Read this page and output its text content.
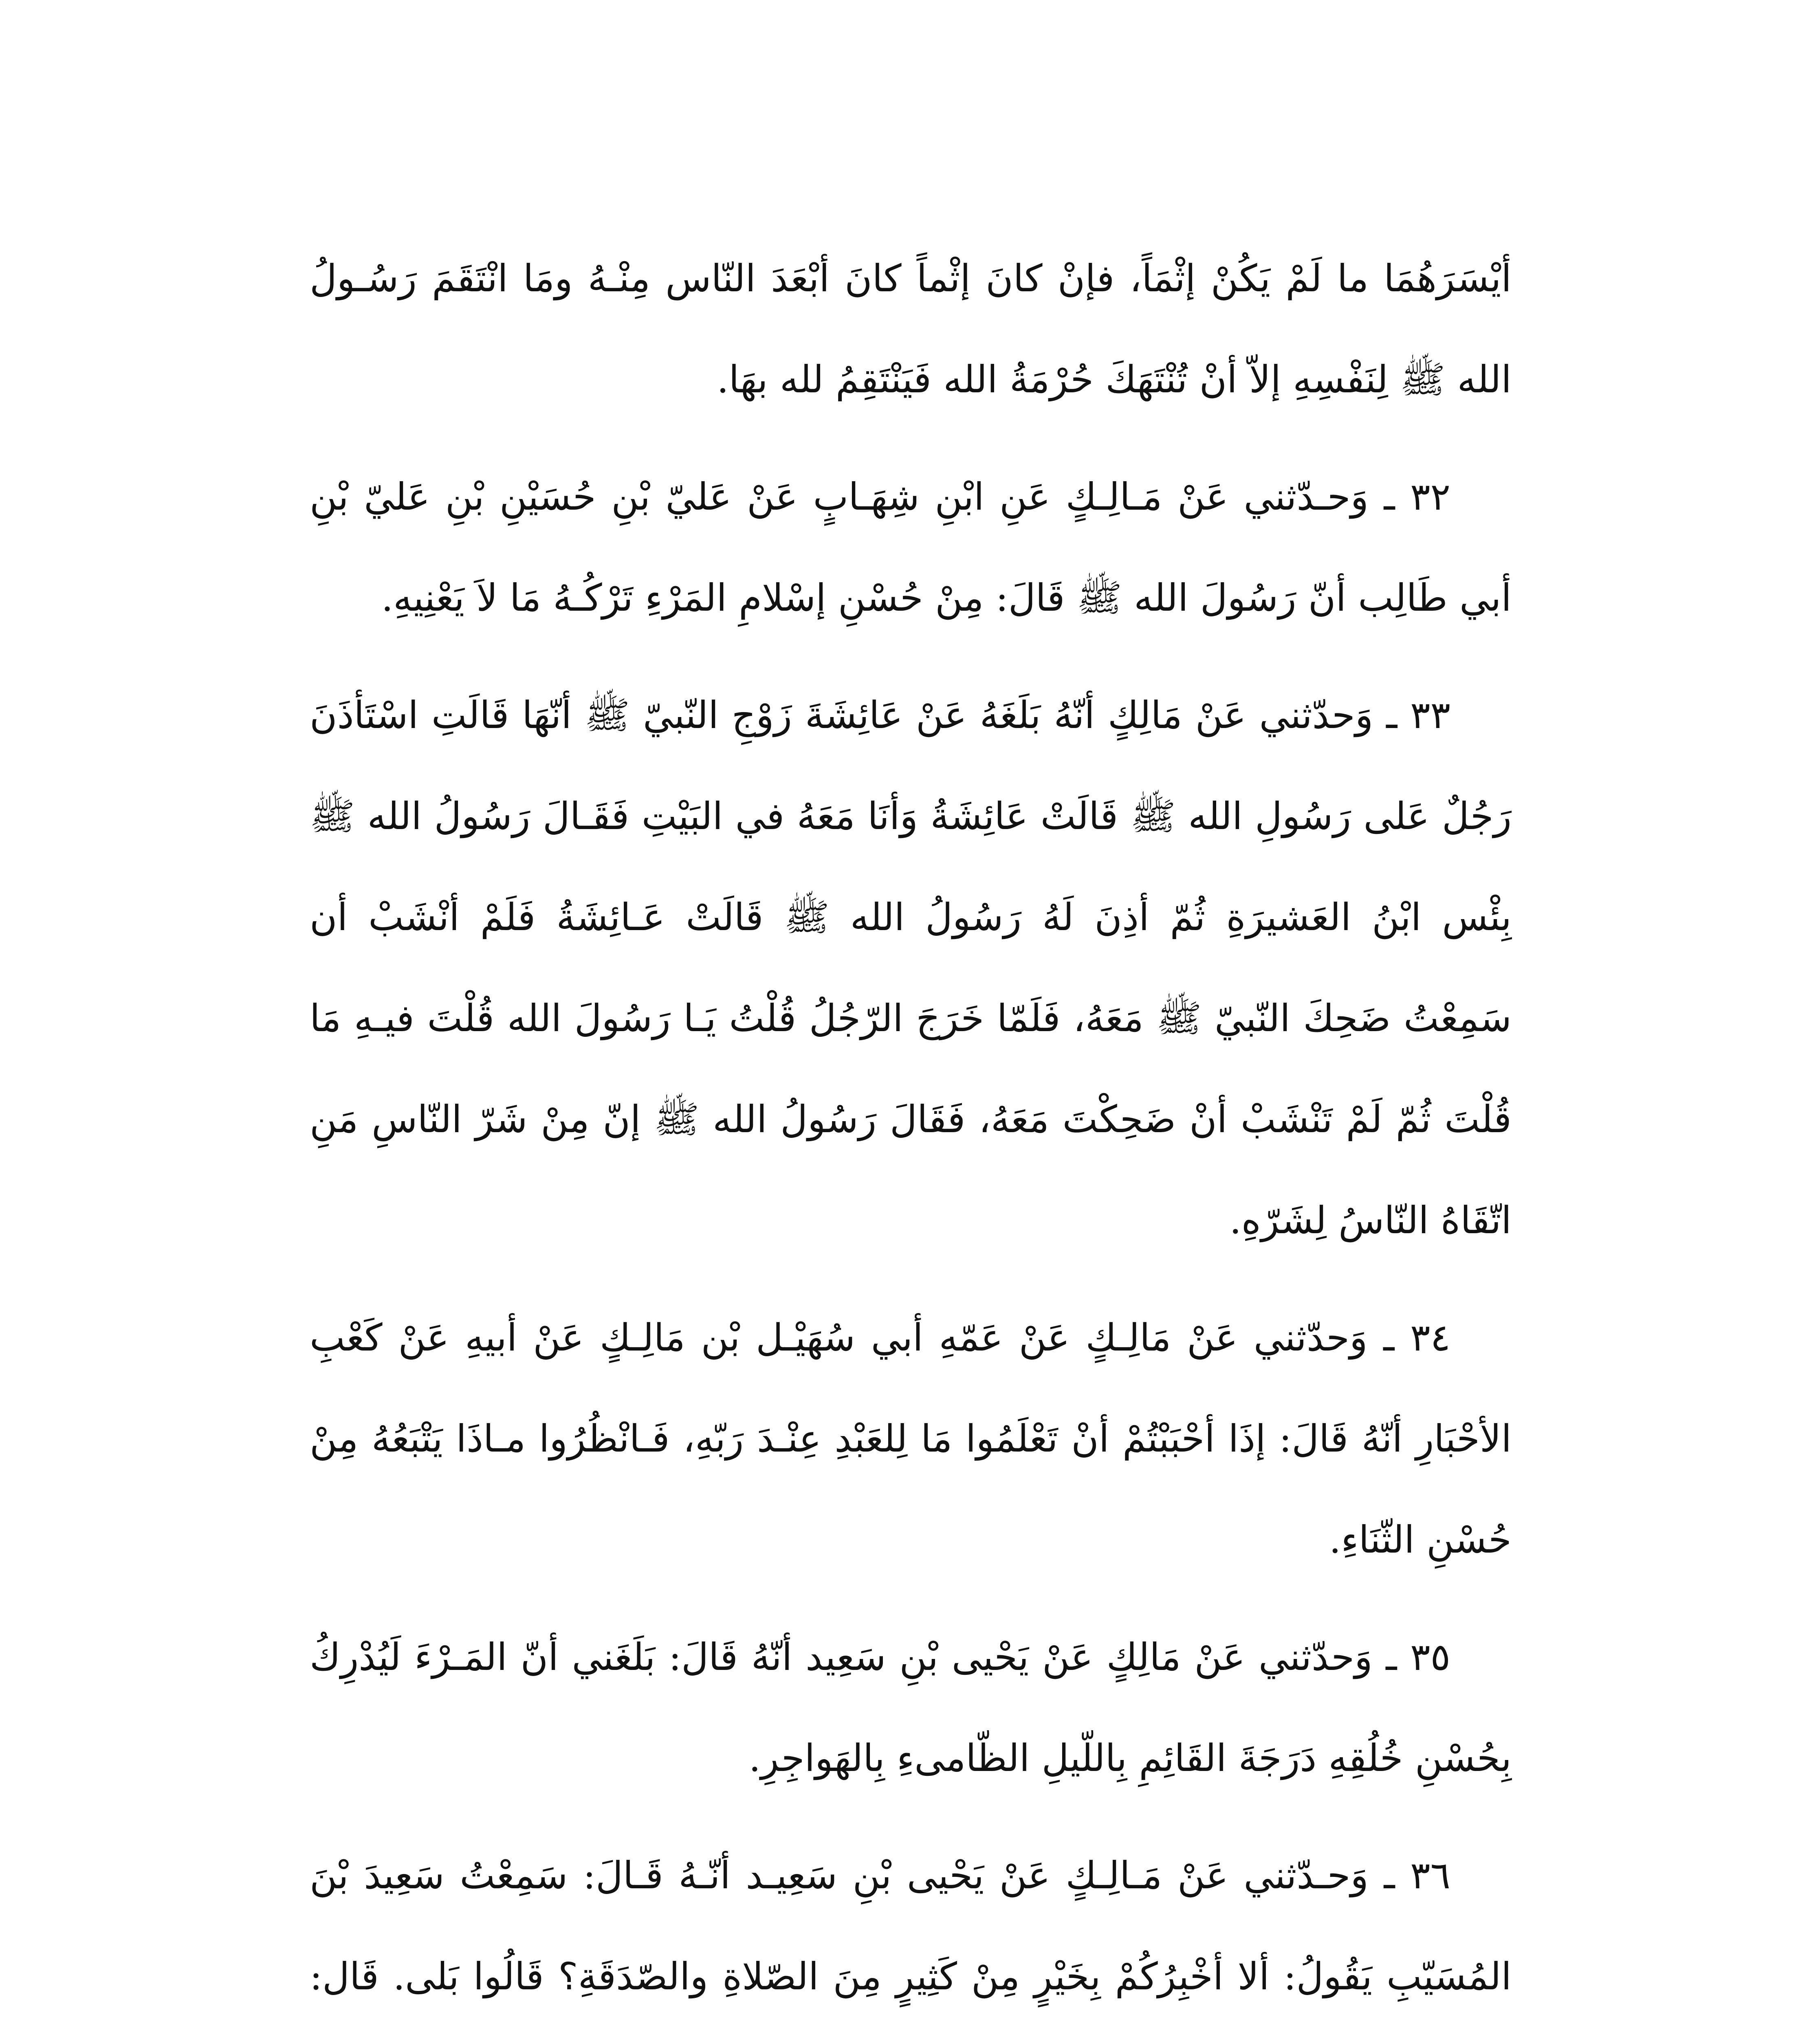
أيْسَرَهُمَا ما لَمْ يَكُنْ إثْمَاً، فإنْ كانَ إثْماً كانَ أبْعَدَ النّاس مِنْـهُ ومَا انْتَقَمَ رَسُـولُ الله ﷺ لِنَفْسِهِ إلاّ أنْ تُنْتَهَكَ حُرْمَةُ الله فَيَنْتَقِمُ لله بهَا.

٣٢ ـ وَحـدّثني عَنْ مَـالِـكٍ عَنِ ابْنِ شِهَـابٍ عَنْ عَليّ بْنِ حُسَيْنِ بْنِ عَليّ بْنِ أبي طَالِب أنّ رَسُولَ الله ﷺ قَالَ: مِنْ حُسْنِ إسْلامِ المَرْءِ تَرْكُـهُ مَا لاَ يَعْنِيهِ.

٣٣ ـ وَحدّثني عَنْ مَالِكٍ أنّهُ بَلَغَهُ عَنْ عَائِشَةَ زَوْجِ النّبيّ ﷺ أنّهَا قَالَتِ اسْتَأذَنَ رَجُلٌ عَلى رَسُولِ الله ﷺ قَالَتْ عَائِشَةُ وَأنَا مَعَهُ في البَيْتِ فَقَـالَ رَسُولُ الله ﷺ بِئْس ابْنُ العَشيرَةِ ثُمّ أذِنَ لَهُ رَسُولُ الله ﷺ قَالَتْ عَـائِشَةُ فَلَمْ أنْشَبْ أن سَمِعْتُ ضَحِكَ النّبيّ ﷺ مَعَهُ، فَلَمّا خَرَجَ الرّجُلُ قُلْتُ يَـا رَسُولَ الله قُلْتَ فيـهِ مَا قُلْتَ ثُمّ لَمْ تَنْشَبْ أنْ ضَحِكْتَ مَعَهُ، فَقَالَ رَسُولُ الله ﷺ إنّ مِنْ شَرّ النّاسِ مَنِ اتّقَاهُ النّاسُ لِشَرّهِ.

٣٤ ـ وَحدّثني عَنْ مَالِـكٍ عَنْ عَمّهِ أبي سُهَيْـل بْن مَالِـكٍ عَنْ أبيهِ عَنْ كَعْبِ الأحْبَارِ أنّهُ قَالَ: إذَا أحْبَبْتُمْ أنْ تَعْلَمُوا مَا لِلعَبْدِ عِنْـدَ رَبّهِ، فَـانْظُرُوا مـاذَا يَتْبَعُهُ مِنْ حُسْنِ الثّنَاءِ.

٣٥ ـ وَحدّثني عَنْ مَالِكٍ عَنْ يَحْيى بْنِ سَعِيد أنّهُ قَالَ: بَلَغَني أنّ المَـرْءَ لَيُدْرِكُ بِحُسْنِ خُلُقِهِ دَرَجَةَ القَائِمِ بِاللّيلِ الظّامىءِ بِالهَواجِرِ.

٣٦ ـ وَحـدّثني عَنْ مَـالِـكٍ عَنْ يَحْيى بْنِ سَعِيـد أنّـهُ قَـالَ: سَمِعْتُ سَعِيدَ بْنَ المُسَيّبِ يَقُولُ: ألا أخْبِرُكُمْ بِخَيْرٍ مِنْ كَثِيرٍ مِنَ الصّلاةِ والصّدَقَةِ؟ قَالُوا بَلى. قَال:
